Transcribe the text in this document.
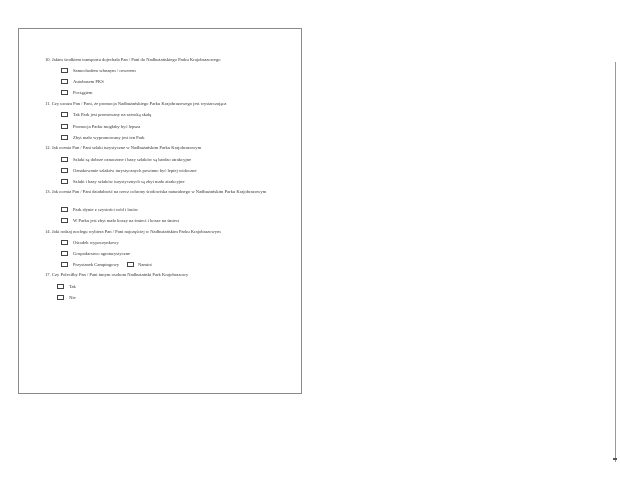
10. Jakim środkiem transportu dojechała Pan / Pani do Nadbużańskiego Parku Krajobrazowego
Samochodem własnym / rowerem
Autobusem PKS
Pociągiem
11. Czy uważa Pan / Pani, że promocja Nadbużańskiego Parku Krajobrazowego jest wystarczająca
Tak Park jest promowany na szeroką skalę
Promocja Parku mogłaby być lepsza
Zbyt mało wypromowany jest ten Park
12. Jak ocenia Pan / Pani szlaki turystyczne w Nadbużańskim Parku Krajobrazowym
Szlaki są dobrze oznaczone i bazy szlaków są bardzo atrakcyjne
Oznakowanie szlaków turystycznych powinno być lepiej widoczne
Szlaki i bazy szlaków turystycznych są zbyt mało atrakcyjne
13. Jak ocenia Pan / Pani działalność na rzecz ochrony środowiska naturalnego w Nadbużańskim Parku Krajobrazowym
Park słynie z czystości wód i lasów
W Parku jest zbyt mało koszy na śmieci i kosze na śmieci
14. Jaki rodzaj noclegu wybiera Pan / Pani najczęściej w Nadbużańskim Parku Krajobrazowym
Ośrodek wypoczynkowy
Gospodarstwo agroturystyczne
Przystanek Campingowy	Namiot
17. Czy Poleciłby Pan / Pani innym osobom Nadbużański Park Krajobrazowy
Tak
Nie
